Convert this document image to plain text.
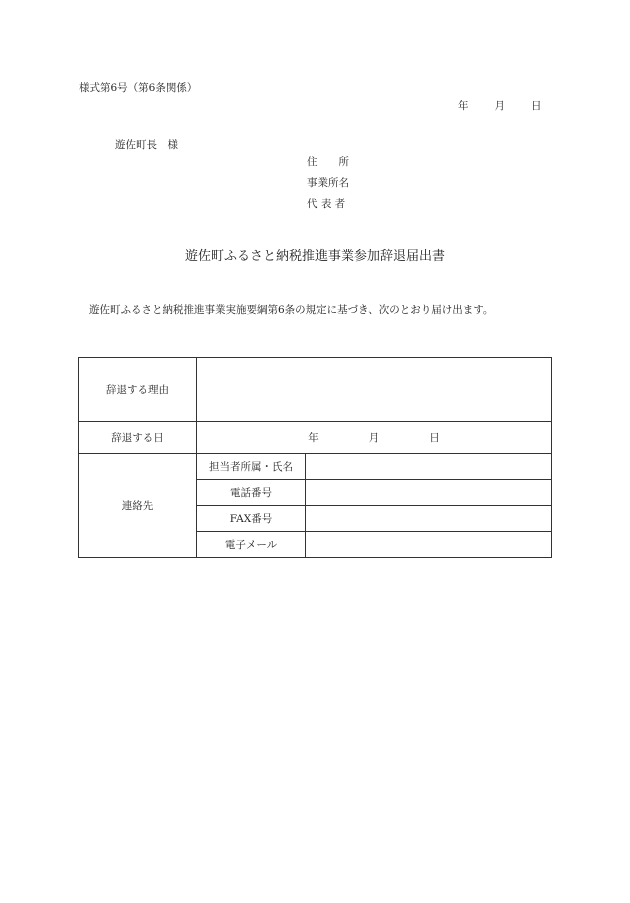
様式第6号（第6条関係）
年 月 日
遊佐町長　様
住　　所
事業所名
代 表 者
遊佐町ふるさと納税推進事業参加辞退届出書
遊佐町ふるさと納税推進事業実施要綱第6条の規定に基づき、次のとおり届け出ます。
辞退する理由		
辞退する日	年 月 日	
連絡先	担当者所属・氏名	
	電話番号	
	FAX番号	
	電子メール	
